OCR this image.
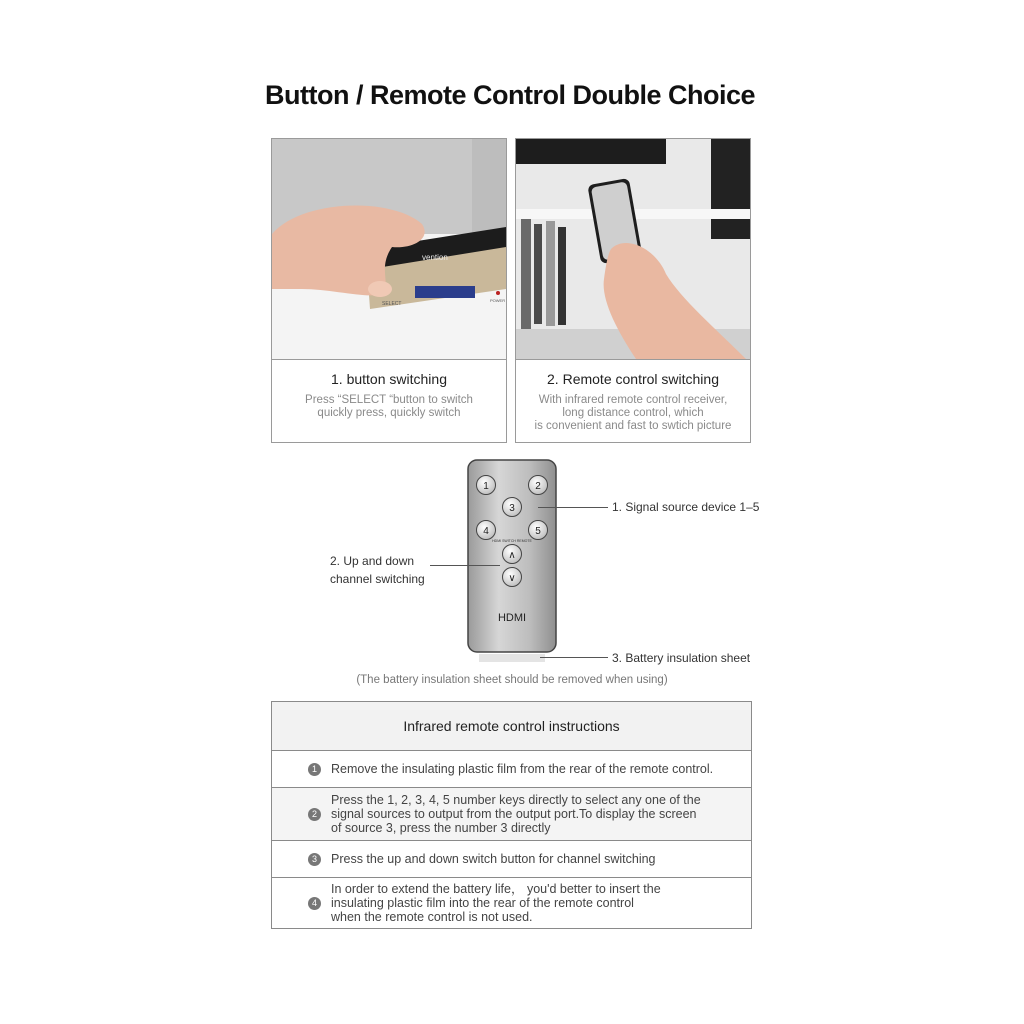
Button / Remote Control Double Choice
vention
SELECT
POWER
1. button switching
Press “SELECT “button to switch
quickly press, quickly switch
2. Remote control switching
With infrared remote control receiver,
long distance control, which
is convenient and fast to swtich picture
1	2
3
4	5
HDMI SWITCH REMOTE
∧
∨
HDMI
1. Signal source device 1–5
2. Up and down
channel switching
3. Battery insulation sheet
(The battery insulation sheet should be removed when using)
Infrared remote control instructions
1	Remove the insulating plastic film from the rear of the remote control.
2
Press the 1, 2, 3, 4, 5 number keys directly to select any one of the
signal sources to output from the output port.To display the screen
of source 3, press the number 3 directly
3	Press the up and down switch button for channel switching
4
In order to extend the battery life， you'd better to insert the
insulating plastic film into the rear of the remote control
when the remote control is not used.
